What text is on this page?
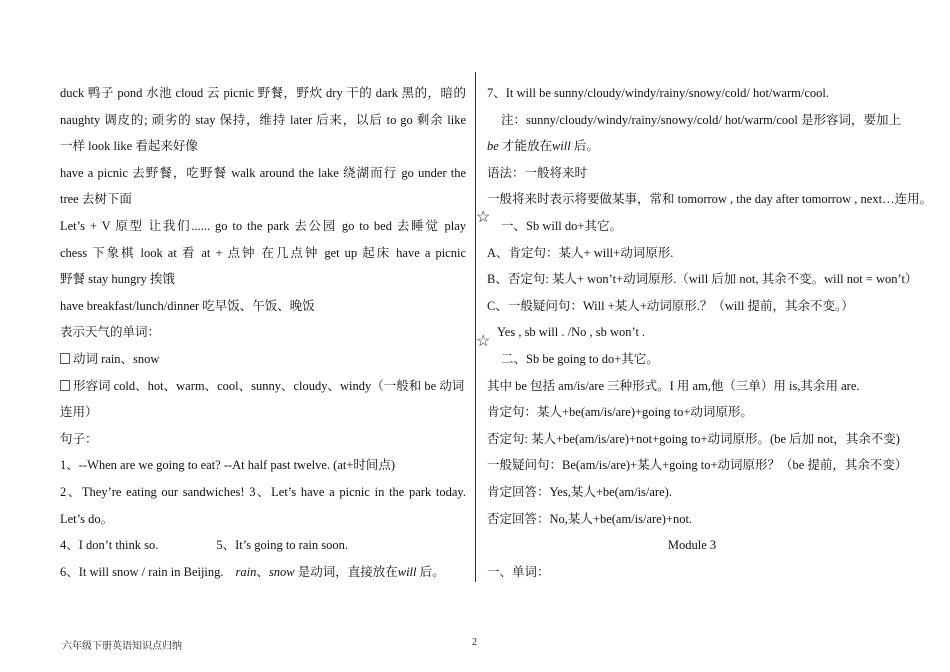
duck 鸭子 pond 水池 cloud 云 picnic 野餐，野炊 dry 干的 dark 黑的，暗的
naughty 调皮的; 顽劣的 stay 保持，维持 later 后来，以后 to go 剩余 like
一样 look like 看起来好像
have a picnic 去野餐，吃野餐 walk around the lake 绕湖而行 go under the
tree 去树下面
Let’s + V 原型 让我们...... go to the park 去公园 go to bed 去睡觉 play
chess 下象棋 look at 看 at + 点钟 在几点钟 get up 起床 have a picnic
野餐 stay hungry 挨饿
have breakfast/lunch/dinner 吃早饭、午饭、晚饭
表示天气的单词：
动词 rain、snow
形容词 cold、hot、warm、cool、sunny、cloudy、windy（一般和 be 动词
连用）
句子：
1、--When are we going to eat? --At half past twelve. (at+时间点)
2、They’re eating our sandwiches! 3、Let’s have a picnic in the park today.
Let’s do。
4、I don’t think so.	5、It’s going to rain soon.
6、It will snow / rain in Beijing. rain、snow 是动词，直接放在will 后。
7、It will be sunny/cloudy/windy/rainy/snowy/cold/ hot/warm/cool.
注：sunny/cloudy/windy/rainy/snowy/cold/ hot/warm/cool 是形容词，要加上
be 才能放在will 后。
语法：一般将来时
一般将来时表示将要做某事，常和 tomorrow , the day after tomorrow , next…连用。
一、Sb will do+其它。
A、肯定句：某人+ will+动词原形.
B、否定句: 某人+ won’t+动词原形.（will 后加 not, 其余不变。will not = won’t）
C、一般疑问句：Will +某人+动词原形.？（will 提前，其余不变。）
Yes , sb will . /No , sb won’t .
二、Sb be going to do+其它。
其中 be 包括 am/is/are 三种形式。I 用 am,他（三单）用 is,其余用 are.
肯定句：某人+be(am/is/are)+going to+动词原形。
否定句: 某人+be(am/is/are)+not+going to+动词原形。(be 后加 not，其余不变)
一般疑问句：Be(am/is/are)+某人+going to+动词原形？（be 提前，其余不变）
肯定回答：Yes,某人+be(am/is/are).
否定回答：No,某人+be(am/is/are)+not.
Module 3
一、单词：
☆
☆
六年级下册英语知识点归纳	2
